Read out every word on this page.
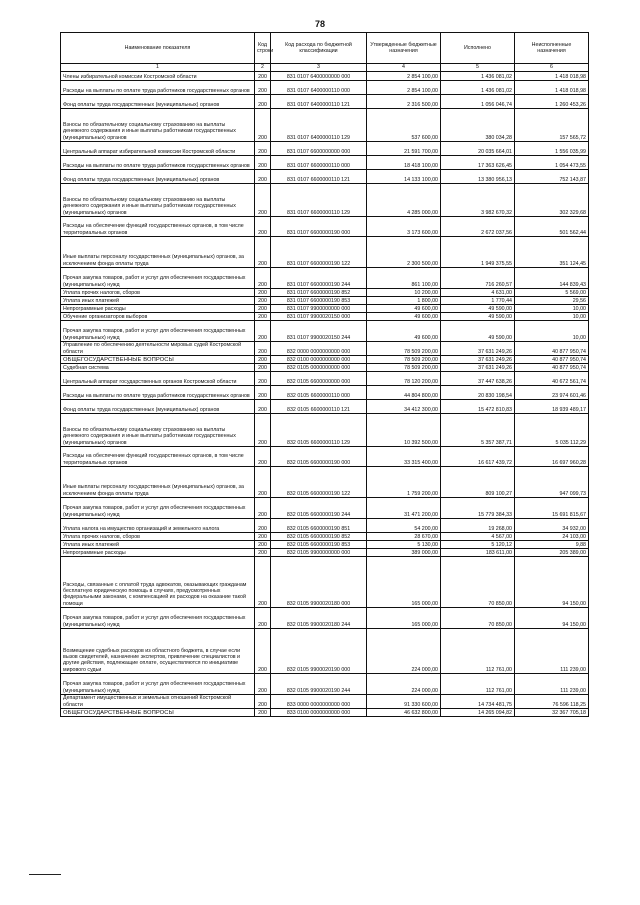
78
Наименование показателя	Код строки	Код расхода по бюджетной классификации	Утвержденные бюджетные назначения	Исполнено	Неисполненные назначения
1	2	3	4	5	6
Члены избирательной комиссии Костромской области	200	831 0107 6400000000 000	2 854 100,00	1 436 081,02	1 418 018,98
Расходы на выплаты по оплате труда работников государственных органов	200	831 0107 6400000110 000	2 854 100,00	1 436 081,02	1 418 018,98
Фонд оплаты труда государственных (муниципальных) органов	200	831 0107 6400000110 121	2 316 500,00	1 056 046,74	1 260 453,26
Взносы по обязательному социальному страхованию на выплаты денежного содержания и иные выплаты работникам государственных (муниципальных) органов	200	831 0107 6400000110 129	537 600,00	380 034,28	157 565,72
Центральный аппарат избирательной комиссии Костромской области	200	831 0107 6600000000 000	21 591 700,00	20 035 664,01	1 556 035,99
Расходы на выплаты по оплате труда работников государственных органов	200	831 0107 6600000110 000	18 418 100,00	17 363 626,45	1 054 473,55
Фонд оплаты труда государственных (муниципальных) органов	200	831 0107 6600000110 121	14 133 100,00	13 380 956,13	752 143,87
Взносы по обязательному социальному страхованию на выплаты денежного содержания и иные выплаты работникам государственных (муниципальных) органов	200	831 0107 6600000110 129	4 285 000,00	3 982 670,32	302 329,68
Расходы на обеспечение функций государственных органов, в том числе территориальных органов	200	831 0107 6600000190 000	3 173 600,00	2 672 037,56	501 562,44
Иные выплаты персоналу государственных (муниципальных) органов, за исключением фонда оплаты труда	200	831 0107 6600000190 122	2 300 500,00	1 949 375,55	351 124,45
Прочая закупка товаров, работ и услуг для обеспечения государственных (муниципальных) нужд	200	831 0107 6600000190 244	861 100,00	716 260,57	144 839,43
Уплата прочих налогов, сборов	200	831 0107 6600000190 852	10 200,00	4 631,00	5 569,00
Уплата иных платежей	200	831 0107 6600000190 853	1 800,00	1 770,44	29,56
Непрограммные расходы	200	831 0107 9900000000 000	49 600,00	49 590,00	10,00
Обучение организаторов выборов	200	831 0107 9900020150 000	49 600,00	49 590,00	10,00
Прочая закупка товаров, работ и услуг для обеспечения государственных (муниципальных) нужд	200	831 0107 9900020150 244	49 600,00	49 590,00	10,00
Управление по обеспечению деятельности мировых судей Костромской области	200	832 0000 0000000000 000	78 509 200,00	37 631 249,26	40 877 950,74
ОБЩЕГОСУДАРСТВЕННЫЕ ВОПРОСЫ	200	832 0100 0000000000 000	78 509 200,00	37 631 249,26	40 877 950,74
Судебная система	200	832 0105 0000000000 000	78 509 200,00	37 631 249,26	40 877 950,74
Центральный аппарат государственных органов Костромской области	200	832 0105 6600000000 000	78 120 200,00	37 447 638,26	40 672 561,74
Расходы на выплаты по оплате труда работников государственных органов	200	832 0105 6600000110 000	44 804 800,00	20 830 198,54	23 974 601,46
Фонд оплаты труда государственных (муниципальных) органов	200	832 0105 6600000110 121	34 412 300,00	15 472 810,83	18 939 489,17
Взносы по обязательному социальному страхованию на выплаты денежного содержания и иные выплаты работникам государственных (муниципальных) органов	200	832 0105 6600000110 129	10 392 500,00	5 357 387,71	5 035 112,29
Расходы на обеспечение функций государственных органов, в том числе территориальных органов	200	832 0105 6600000190 000	33 315 400,00	16 617 439,72	16 697 960,28
Иные выплаты персоналу государственных (муниципальных) органов, за исключением фонда оплаты труда	200	832 0105 6600000190 122	1 759 200,00	809 100,27	947 099,73
Прочая закупка товаров, работ и услуг для обеспечения государственных (муниципальных) нужд	200	832 0105 6600000190 244	31 471 200,00	15 779 384,33	15 691 815,67
Уплата налога на имущество организаций и земельного налога	200	832 0105 6600000190 851	54 200,00	19 268,00	34 932,00
Уплата прочих налогов, сборов	200	832 0105 6600000190 852	28 670,00	4 567,00	24 103,00
Уплата иных платежей	200	832 0105 6600000190 853	5 130,00	5 120,12	9,88
Непрограммные расходы	200	832 0105 9900000000 000	389 000,00	183 611,00	205 389,00
Расходы, связанные с оплатой труда адвокатов, оказывающих гражданам бесплатную юридическую помощь в случаях, предусмотренных федеральными законами, с компенсацией их расходов на оказание такой помощи	200	832 0105 9900020180 000	165 000,00	70 850,00	94 150,00
Прочая закупка товаров, работ и услуг для обеспечения государственных (муниципальных) нужд	200	832 0105 9900020180 244	165 000,00	70 850,00	94 150,00
Возмещение судебных расходов из областного бюджета, в случае если вызов свидетелей, назначение экспертов, привлечение специалистов и другие действия, подлежащие оплате, осуществляются по инициативе мирового судьи	200	832 0105 9900020190 000	224 000,00	112 761,00	111 239,00
Прочая закупка товаров, работ и услуг для обеспечения государственных (муниципальных) нужд	200	832 0105 9900020190 244	224 000,00	112 761,00	111 239,00
Департамент имущественных и земельных отношений Костромской области	200	833 0000 0000000000 000	91 330 600,00	14 734 481,75	76 596 118,25
ОБЩЕГОСУДАРСТВЕННЫЕ ВОПРОСЫ	200	833 0100 0000000000 000	46 632 800,00	14 265 094,82	32 367 705,18
